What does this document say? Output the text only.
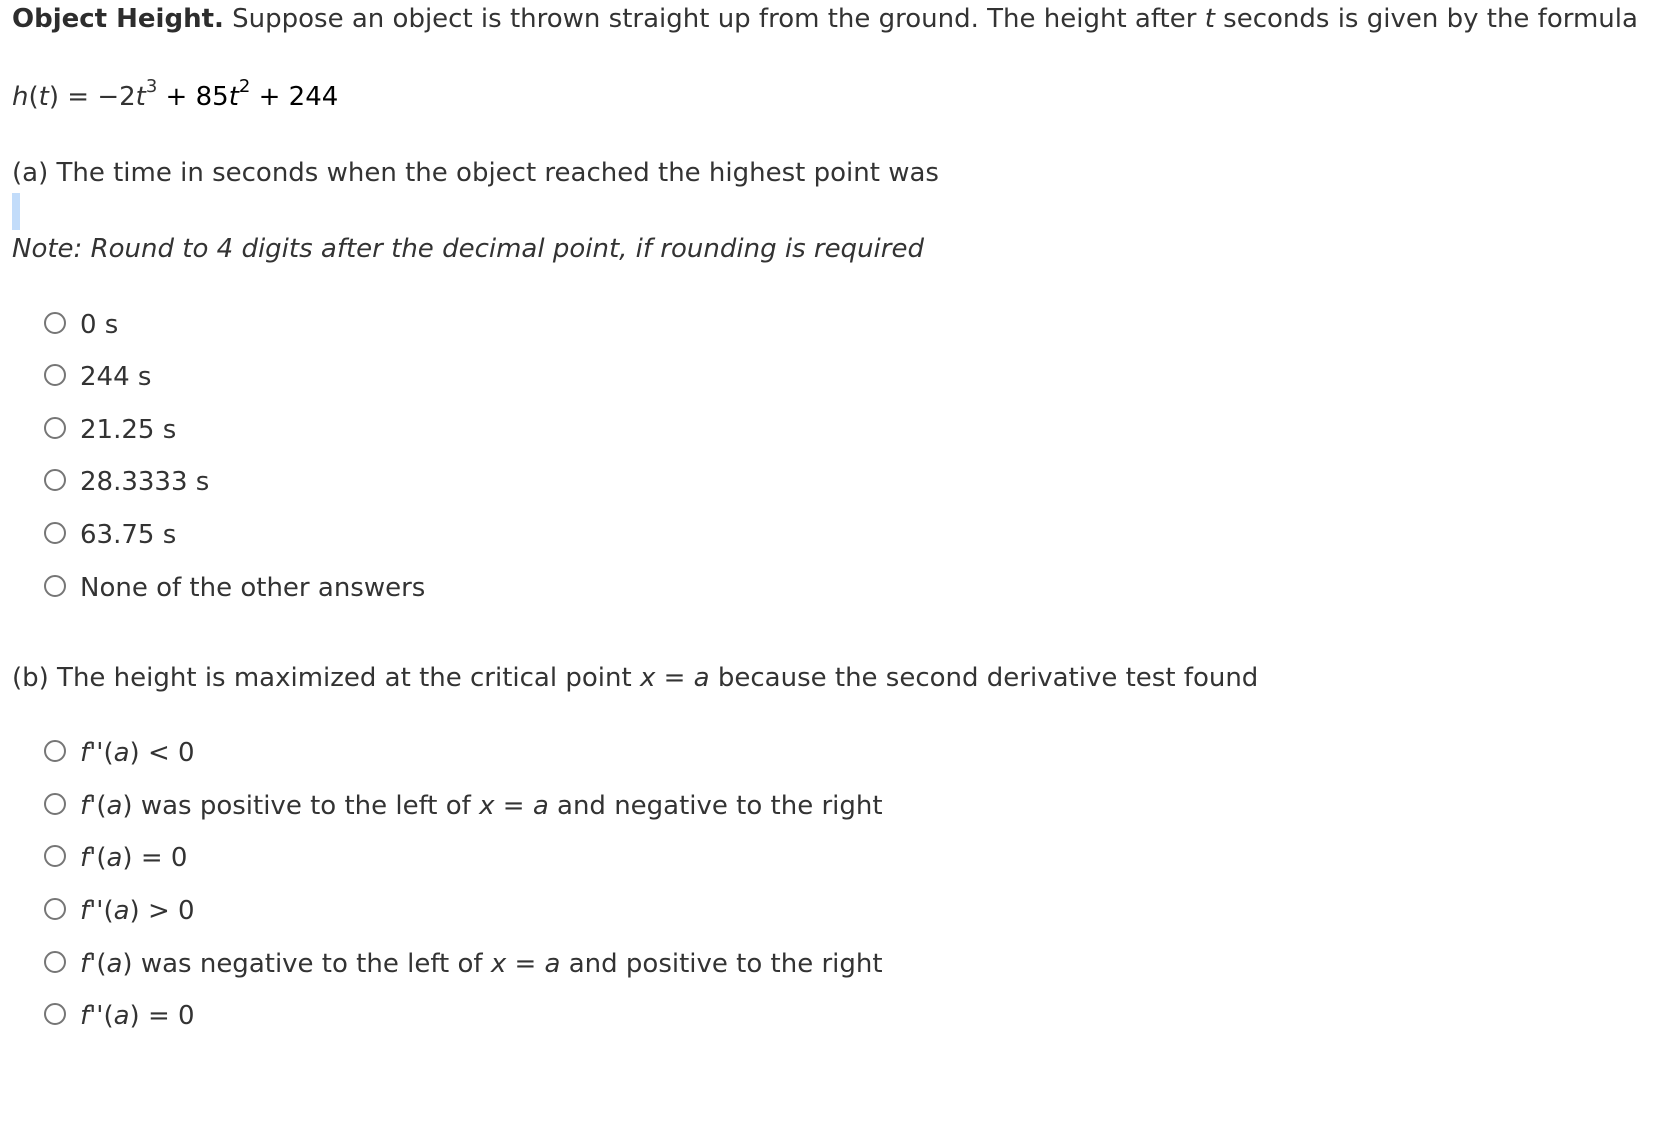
Object Height. Suppose an object is thrown straight up from the ground. The height after t seconds is given by the formula
$h(t) = -2t^3 + 85t^2 + 244$
(a) The time in seconds when the object reached the highest point was
Note: Round to 4 digits after the decimal point, if rounding is required
0 s
244 s
21.25 s
28.3333 s
63.75 s
None of the other answers
(b) The height is maximized at the critical point x = a because the second derivative test found
f''(a) < 0
f'(a) was positive to the left of x = a and negative to the right
f'(a) = 0
f''(a) > 0
f'(a) was negative to the left of x = a and positive to the right
f''(a) = 0
